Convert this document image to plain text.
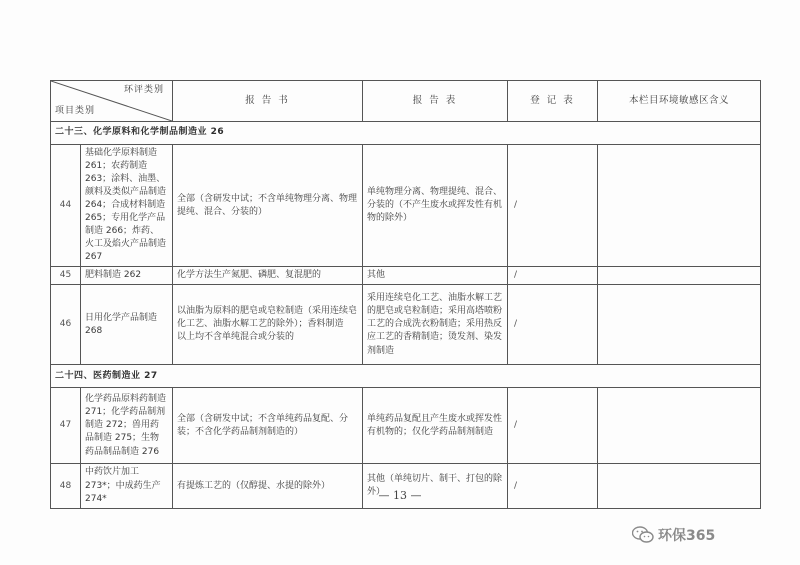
环评类别
项目类别		报 告 书	报 告 表	登 记 表	本栏目环境敏感区含义
二十三、化学原料和化学制品制造业 26					
44	基础化学原料制造 261；农药制造 263；涂料、油墨、颜料及类似产品制造 264；合成材料制造 265；专用化学产品制造 266；炸药、火工及焰火产品制造 267	全部（含研发中试；不含单纯物理分离、物理提纯、混合、分装的）	单纯物理分离、物理提纯、混合、分装的（不产生废水或挥发性有机物的除外）	/	
45	肥料制造 262	化学方法生产氮肥、磷肥、复混肥的	其他	/	
46	日用化学产品制造 268	以油脂为原料的肥皂或皂粒制造（采用连续皂化工艺、油脂水解工艺的除外）；香料制造
以上均不含单纯混合或分装的	采用连续皂化工艺、油脂水解工艺的肥皂或皂粒制造；采用高塔喷粉工艺的合成洗衣粉制造；采用热反应工艺的香精制造；烫发剂、染发剂制造	/	
二十四、医药制造业 27					
47	化学药品原料药制造 271；化学药品制剂制造 272；兽用药品制造 275；生物药品制品制造 276	全部（含研发中试；不含单纯药品复配、分装；不含化学药品制剂制造的）	单纯药品复配且产生废水或挥发性有机物的；仅化学药品制剂制造	/	
48	中药饮片加工 273*；中成药生产 274*	有提炼工艺的（仅醇提、水提的除外）	其他（单纯切片、制干、打包的除外）	/	
— 13 —
环保365
